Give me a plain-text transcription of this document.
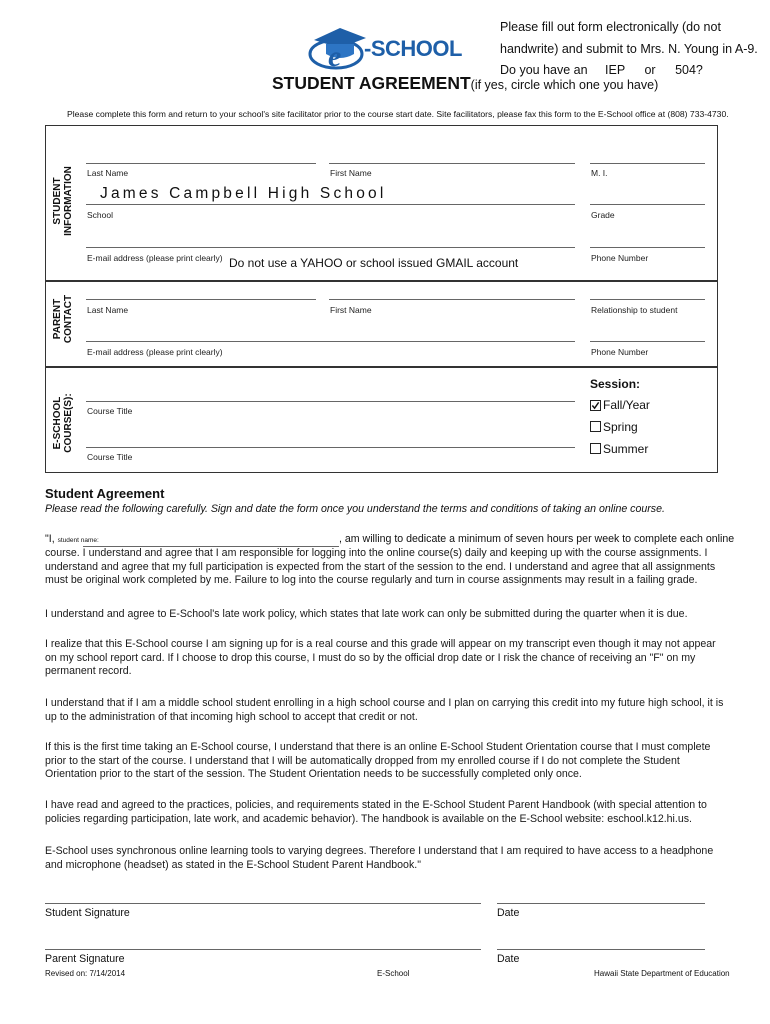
e -SCHOOL
Please fill out form electronically (do not
handwrite) and submit to Mrs. N. Young in A-9.
Do you have an IEP or 504?
STUDENT AGREEMENT(if yes, circle which one you have)
Please complete this form and return to your school's site facilitator prior to the course start date. Site facilitators, please fax this form to the E-School office at (808) 733-4730.
STUDENT INFORMATION Last Name	First Name	M. I.
James Campbell High School
School	Grade
E-mail address (please print clearly) Do not use a YAHOO or school issued GMAIL account	Phone Number
PARENT CONTACT Last Name	First Name	Relationship to student
E-mail address (please print clearly)	Phone Number
E-SCHOOL COURSE(S): Course Title
Course Title
Session:
Fall/Year
Spring
Summer
Student Agreement
Please read the following carefully. Sign and date the form once you understand the terms and conditions of taking an online course.
"I, student name:	, am willing to dedicate a minimum of seven hours per week to complete each online
course. I understand and agree that I am responsible for logging into the online course(s) daily and keeping up with the course assignments. I understand and agree that my full participation is expected from the start of the session to the end. I understand and agree that all assignments must be original work completed by me. Failure to log into the course regularly and turn in course assignments may result in a failing grade.
I understand and agree to E-School's late work policy, which states that late work can only be submitted during the quarter when it is due.
I realize that this E-School course I am signing up for is a real course and this grade will appear on my transcript even though it may not appear on my school report card. If I choose to drop this course, I must do so by the official drop date or I risk the chance of receiving an "F" on my permanent record.
I understand that if I am a middle school student enrolling in a high school course and I plan on carrying this credit into my future high school, it is up to the administration of that incoming high school to accept that credit or not.
If this is the first time taking an E-School course, I understand that there is an online E-School Student Orientation course that I must complete prior to the start of the course. I understand that I will be automatically dropped from my enrolled course if I do not complete the Student Orientation prior to the start of the session. The Student Orientation needs to be successfully completed only once.
I have read and agreed to the practices, policies, and requirements stated in the E-School Student Parent Handbook (with special attention to policies regarding participation, late work, and academic behavior). The handbook is available on the E-School website: eschool.k12.hi.us.
E-School uses synchronous online learning tools to varying degrees. Therefore I understand that I am required to have access to a headphone and microphone (headset) as stated in the E-School Student Parent Handbook."
Student Signature	Date
Parent Signature	Date
Revised on: 7/14/2014	E-School	Hawaii State Department of Education
